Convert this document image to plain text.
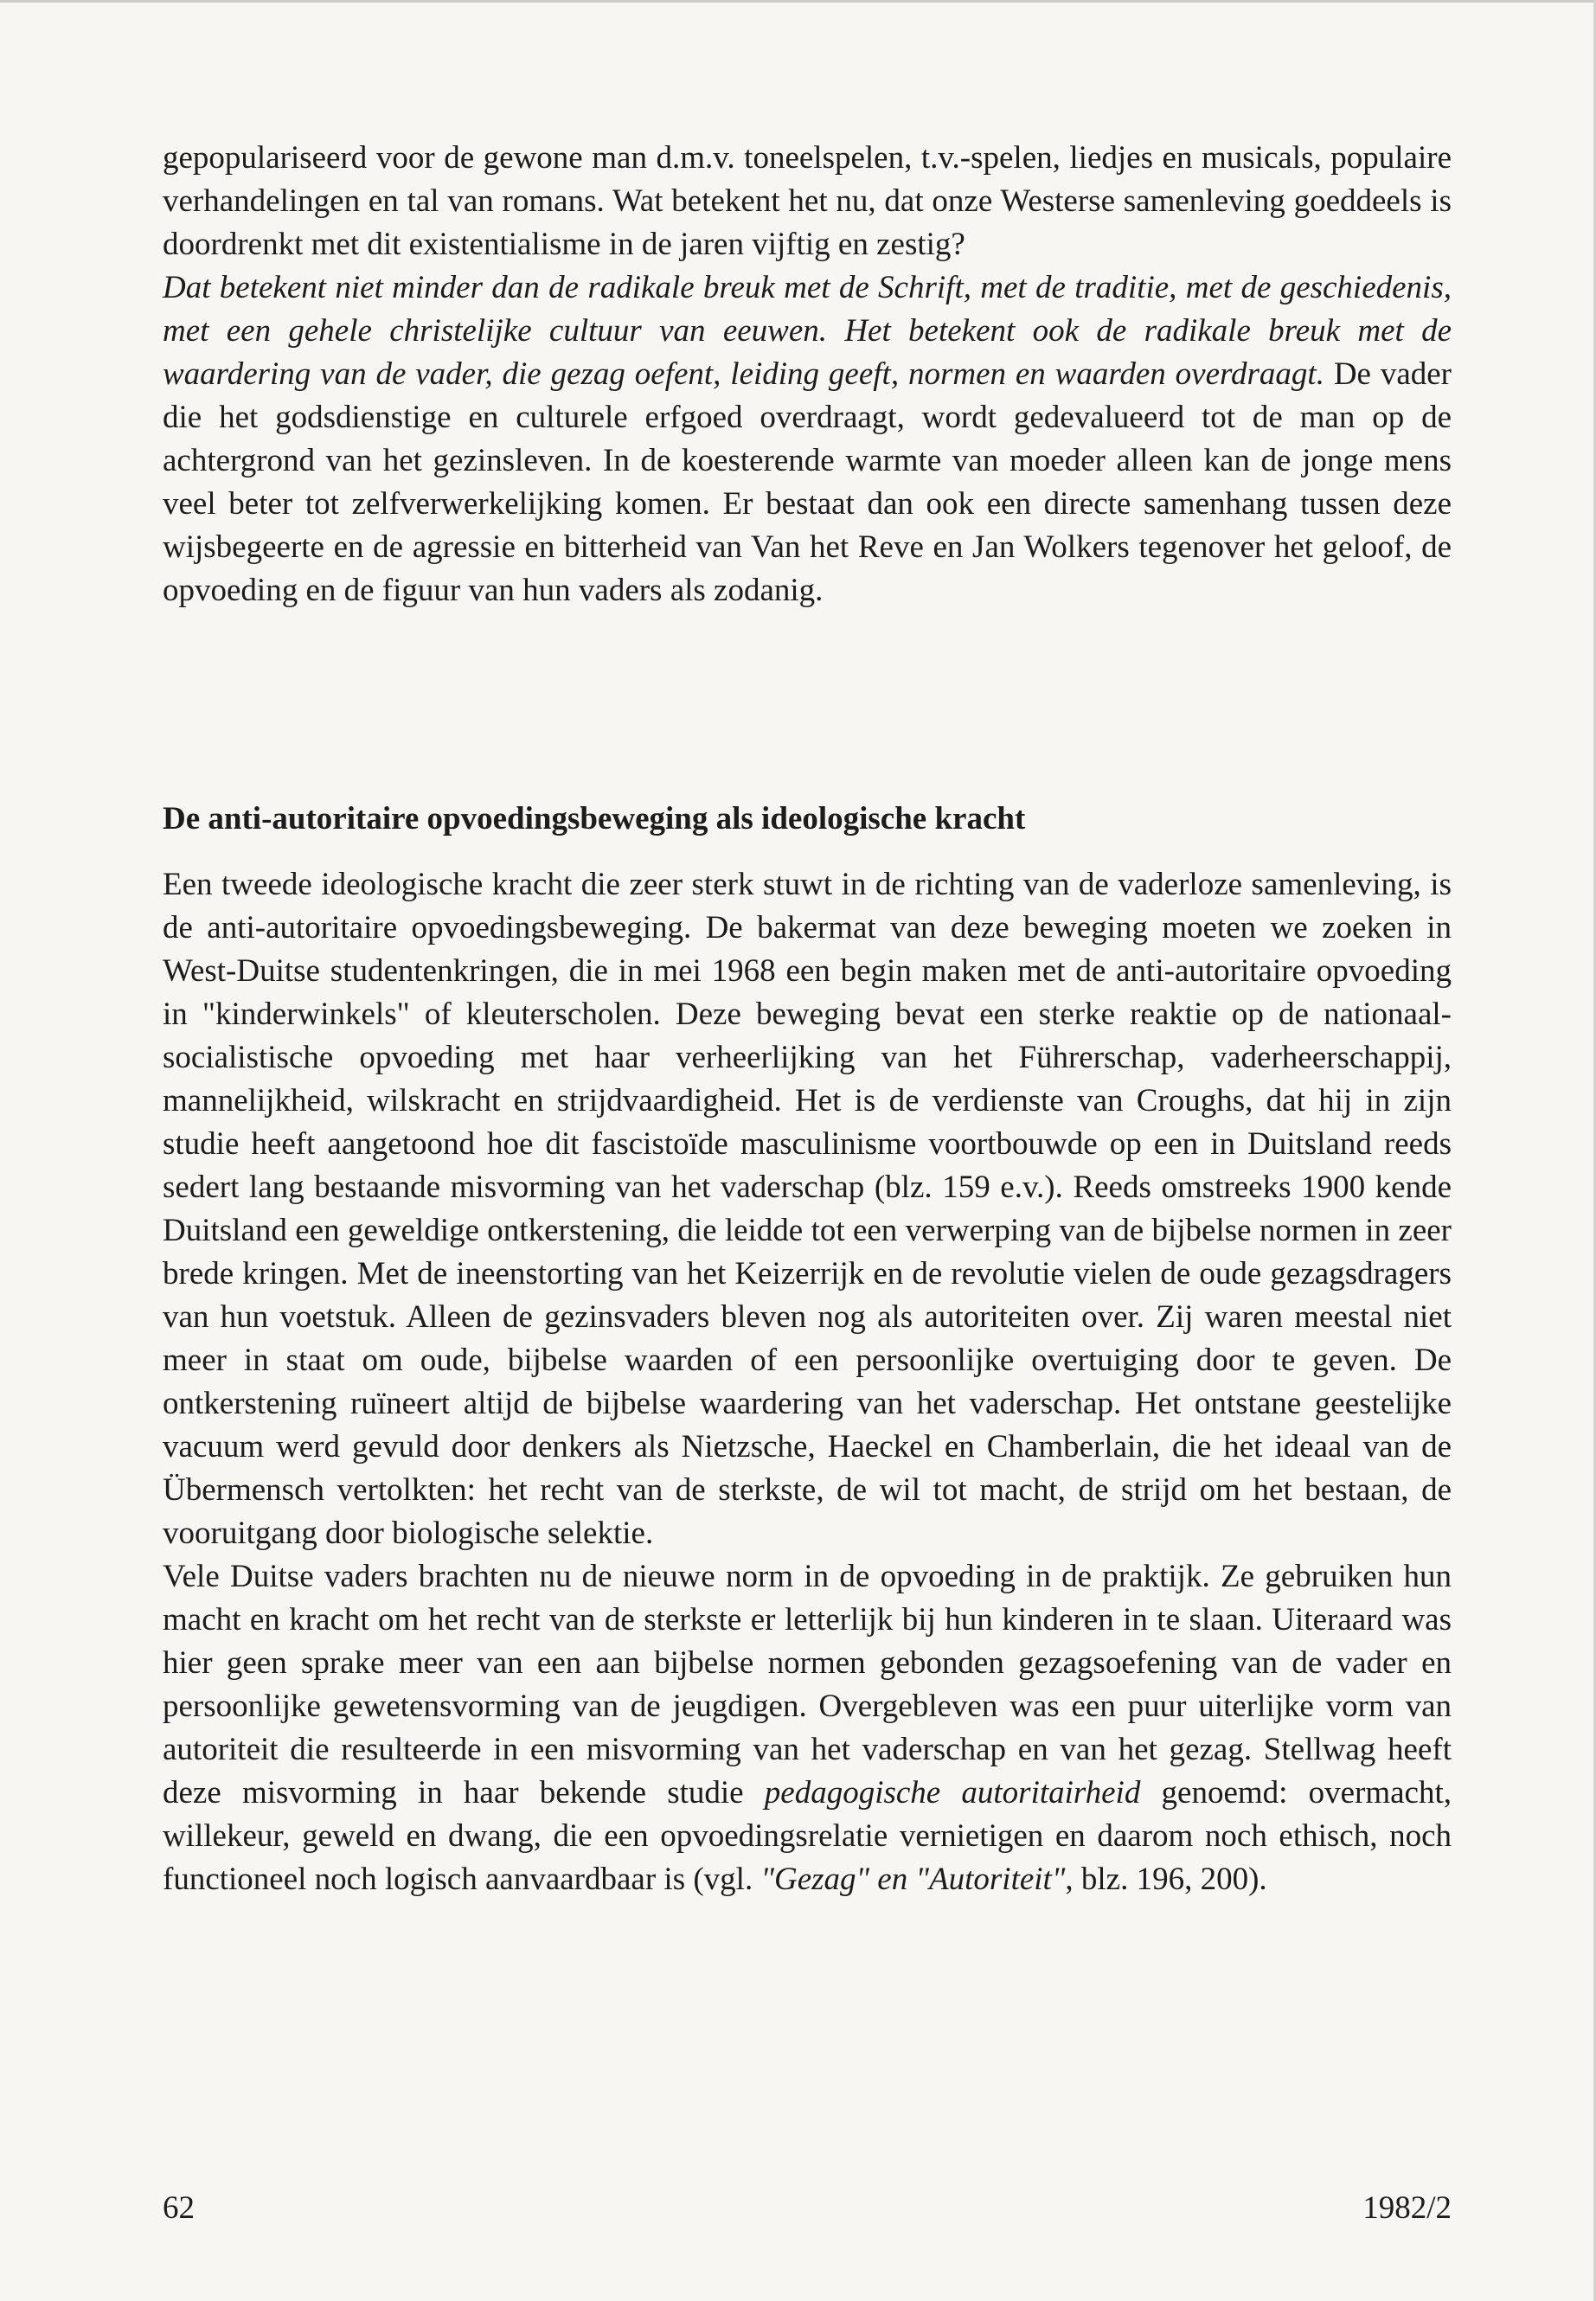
gepopulariseerd voor de gewone man d.m.v. toneelspelen, t.v.-spelen, liedjes en musicals, populaire verhandelingen en tal van romans. Wat betekent het nu, dat onze Westerse samenleving goeddeels is doordrenkt met dit existentialisme in de jaren vijftig en zestig?

Dat betekent niet minder dan de radikale breuk met de Schrift, met de traditie, met de geschiedenis, met een gehele christelijke cultuur van eeuwen. Het betekent ook de radikale breuk met de waardering van de vader, die gezag oefent, leiding geeft, normen en waarden overdraagt. De vader die het godsdienstige en culturele erfgoed overdraagt, wordt gedevalueerd tot de man op de achtergrond van het gezinsleven. In de koesterende warmte van moeder alleen kan de jonge mens veel beter tot zelfverwerkelijking komen. Er bestaat dan ook een directe samenhang tussen deze wijsbegeerte en de agressie en bitterheid van Van het Reve en Jan Wolkers tegenover het geloof, de opvoeding en de figuur van hun vaders als zodanig.

De anti-autoritaire opvoedingsbeweging als ideologische kracht

Een tweede ideologische kracht die zeer sterk stuwt in de richting van de vaderloze samenleving, is de anti-autoritaire opvoedingsbeweging. De bakermat van deze beweging moeten we zoeken in West-Duitse studentenkringen, die in mei 1968 een begin maken met de anti-autoritaire opvoeding in "kinderwinkels" of kleuterscholen. Deze beweging bevat een sterke reaktie op de nationaal-socialistische opvoeding met haar verheerlijking van het Führerschap, vaderheerschappij, mannelijkheid, wilskracht en strijdvaardigheid. Het is de verdienste van Croughs, dat hij in zijn studie heeft aangetoond hoe dit fascistoïde masculinisme voortbouwde op een in Duitsland reeds sedert lang bestaande misvorming van het vaderschap (blz. 159 e.v.). Reeds omstreeks 1900 kende Duitsland een geweldige ontkerstening, die leidde tot een verwerping van de bijbelse normen in zeer brede kringen. Met de ineenstorting van het Keizerrijk en de revolutie vielen de oude gezagsdragers van hun voetstuk. Alleen de gezinsvaders bleven nog als autoriteiten over. Zij waren meestal niet meer in staat om oude, bijbelse waarden of een persoonlijke overtuiging door te geven. De ontkerstening ruïneert altijd de bijbelse waardering van het vaderschap. Het ontstane geestelijke vacuum werd gevuld door denkers als Nietzsche, Haeckel en Chamberlain, die het ideaal van de Übermensch vertolkten: het recht van de sterkste, de wil tot macht, de strijd om het bestaan, de vooruitgang door biologische selektie.

Vele Duitse vaders brachten nu de nieuwe norm in de opvoeding in de praktijk. Ze gebruiken hun macht en kracht om het recht van de sterkste er letterlijk bij hun kinderen in te slaan. Uiteraard was hier geen sprake meer van een aan bijbelse normen gebonden gezagsoefening van de vader en persoonlijke gewetensvorming van de jeugdigen. Overgebleven was een puur uiterlijke vorm van autoriteit die resulteerde in een misvorming van het vaderschap en van het gezag. Stellwag heeft deze misvorming in haar bekende studie pedagogische autoritairheid genoemd: overmacht, willekeur, geweld en dwang, die een opvoedingsrelatie vernietigen en daarom noch ethisch, noch functioneel noch logisch aanvaardbaar is (vgl. "Gezag" en "Autoriteit", blz. 196, 200).

62	1982/2
